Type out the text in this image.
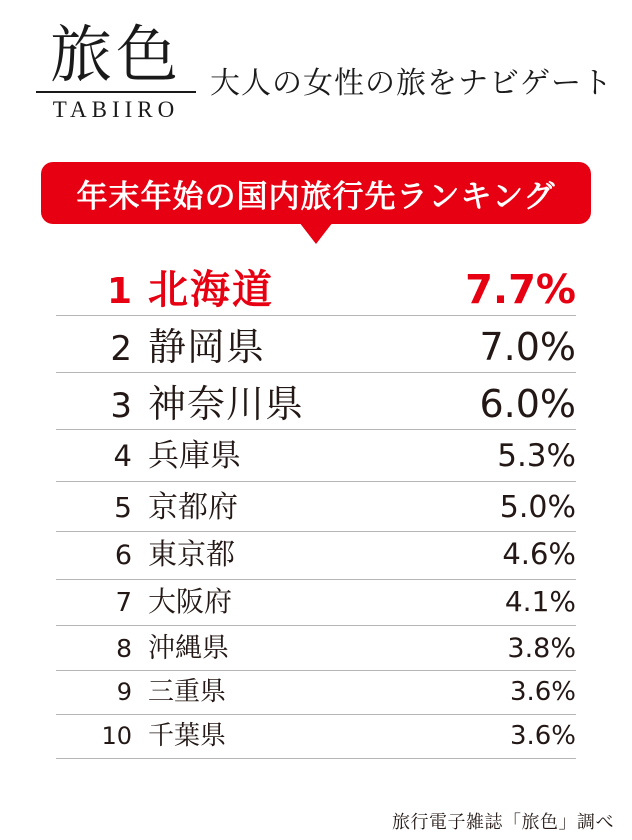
旅色
TABIIRO
大人の女性の旅をナビゲート
年末年始の国内旅行先ランキング
1 北海道	7.7%
2 静岡県	7.0%
3 神奈川県	6.0%
4 兵庫県	5.3%
5 京都府	5.0%
6 東京都	4.6%
7 大阪府	4.1%
8 沖縄県	3.8%
9 三重県	3.6%
10 千葉県	3.6%
旅行電子雑誌「旅色」調べ
